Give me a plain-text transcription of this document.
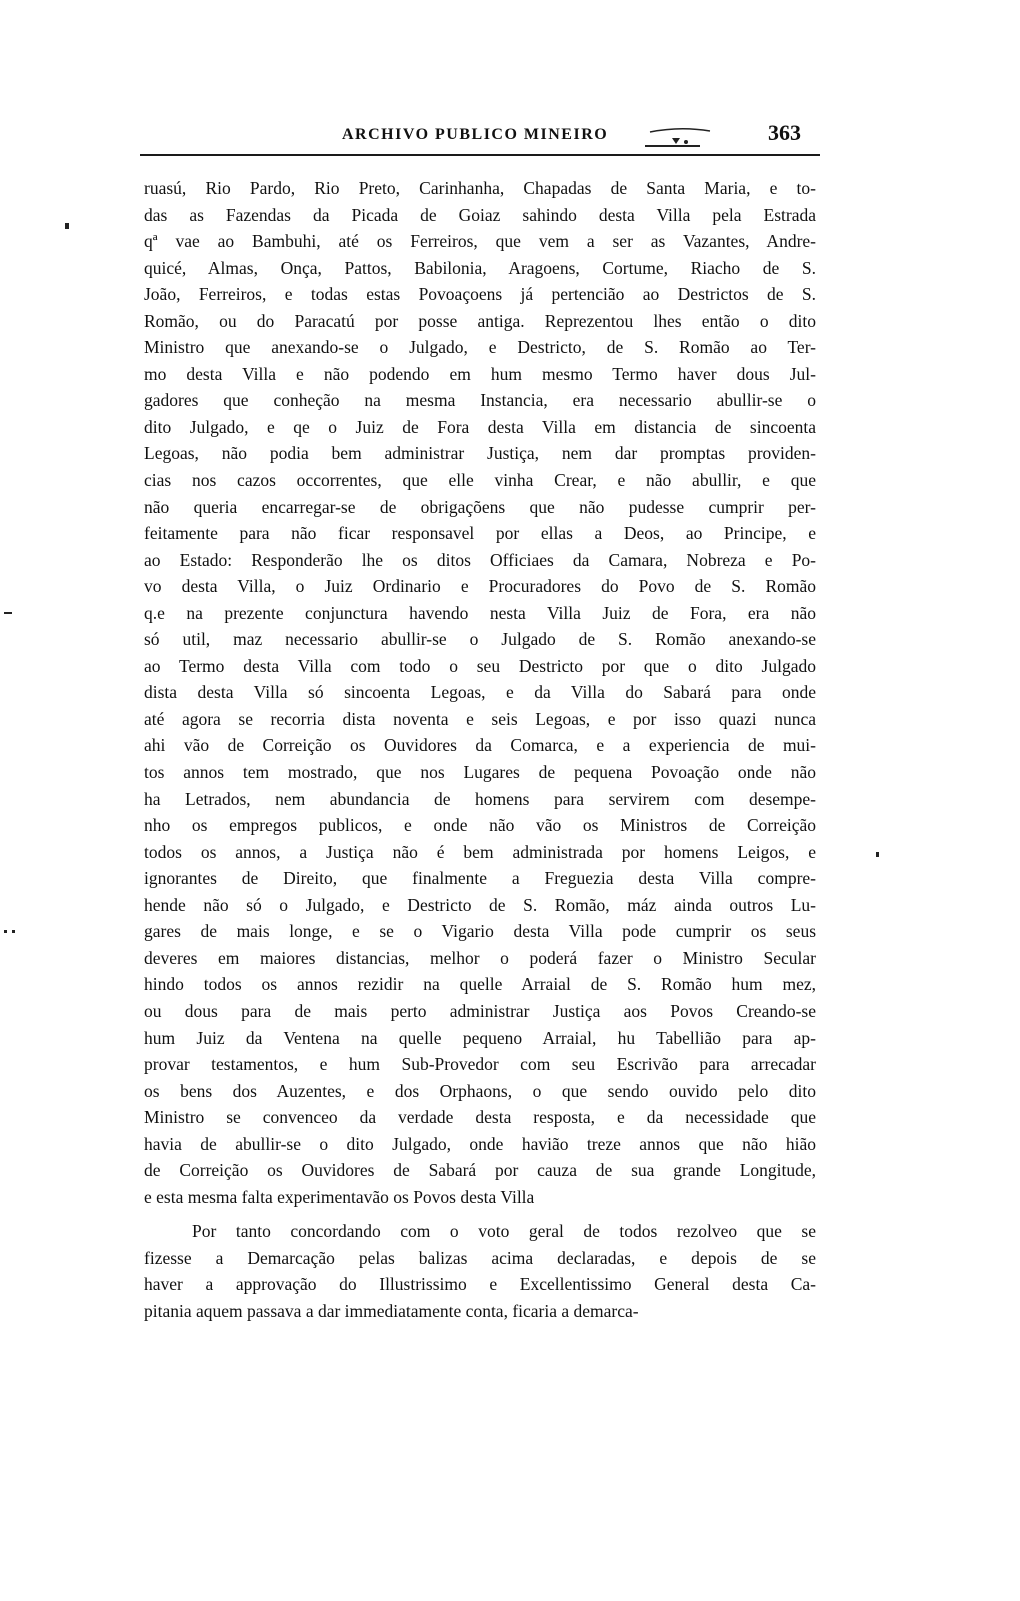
ARCHIVO PUBLICO MINEIRO	363
ruasú, Rio Pardo, Rio Preto, Carinhanha, Chapadas de Santa Maria, e to-
das as Fazendas da Picada de Goiaz sahindo desta Villa pela Estrada
qª vae ao Bambuhi, até os Ferreiros, que vem a ser as Vazantes, Andre-
quicé, Almas, Onça, Pattos, Babilonia, Aragoens, Cortume, Riacho de S.
João, Ferreiros, e todas estas Povoaçoens já pertencião ao Destrictos de S.
Romão, ou do Paracatú por posse antiga. Reprezentou lhes então o dito
Ministro que anexando-se o Julgado, e Destricto, de S. Romão ao Ter-
mo desta Villa e não podendo em hum mesmo Termo haver dous Jul-
gadores que conheção na mesma Instancia, era necessario abullir-se o
dito Julgado, e qe o Juiz de Fora desta Villa em distancia de sincoenta
Legoas, não podia bem administrar Justiça, nem dar promptas providen-
cias nos cazos occorrentes, que elle vinha Crear, e não abullir, e que
não queria encarregar-se de obrigaçõens que não pudesse cumprir per-
feitamente para não ficar responsavel por ellas a Deos, ao Principe, e
ao Estado: Responderão lhe os ditos Officiaes da Camara, Nobreza e Po-
vo desta Villa, o Juiz Ordinario e Procuradores do Povo de S. Romão
q.e na prezente conjunctura havendo nesta Villa Juiz de Fora, era não
só util, maz necessario abullir-se o Julgado de S. Romão anexando-se
ao Termo desta Villa com todo o seu Destricto por que o dito Julgado
dista desta Villa só sincoenta Legoas, e da Villa do Sabará para onde
até agora se recorria dista noventa e seis Legoas, e por isso quazi nunca
ahi vão de Correição os Ouvidores da Comarca, e a experiencia de mui-
tos annos tem mostrado, que nos Lugares de pequena Povoação onde não
ha Letrados, nem abundancia de homens para servirem com desempe-
nho os empregos publicos, e onde não vão os Ministros de Correição
todos os annos, a Justiça não é bem administrada por homens Leigos, e
ignorantes de Direito, que finalmente a Freguezia desta Villa compre-
hende não só o Julgado, e Destricto de S. Romão, máz ainda outros Lu-
gares de mais longe, e se o Vigario desta Villa pode cumprir os seus
deveres em maiores distancias, melhor o poderá fazer o Ministro Secular
hindo todos os annos rezidir na quelle Arraial de S. Romão hum mez,
ou dous para de mais perto administrar Justiça aos Povos Creando-se
hum Juiz da Ventena na quelle pequeno Arraial, hu Tabellião para ap-
provar testamentos, e hum Sub-Provedor com seu Escrivão para arrecadar
os bens dos Auzentes, e dos Orphaons, o que sendo ouvido pelo dito
Ministro se convenceo da verdade desta resposta, e da necessidade que
havia de abullir-se o dito Julgado, onde havião treze annos que não hião
de Correição os Ouvidores de Sabará por cauza de sua grande Longitude,
e esta mesma falta experimentavão os Povos desta Villa
Por tanto concordando com o voto geral de todos rezolveo que se
fizesse a Demarcação pelas balizas acima declaradas, e depois de se
haver a approvação do Illustrissimo e Excellentissimo General desta Ca-
pitania aquem passava a dar immediatamente conta, ficaria a demarca-
